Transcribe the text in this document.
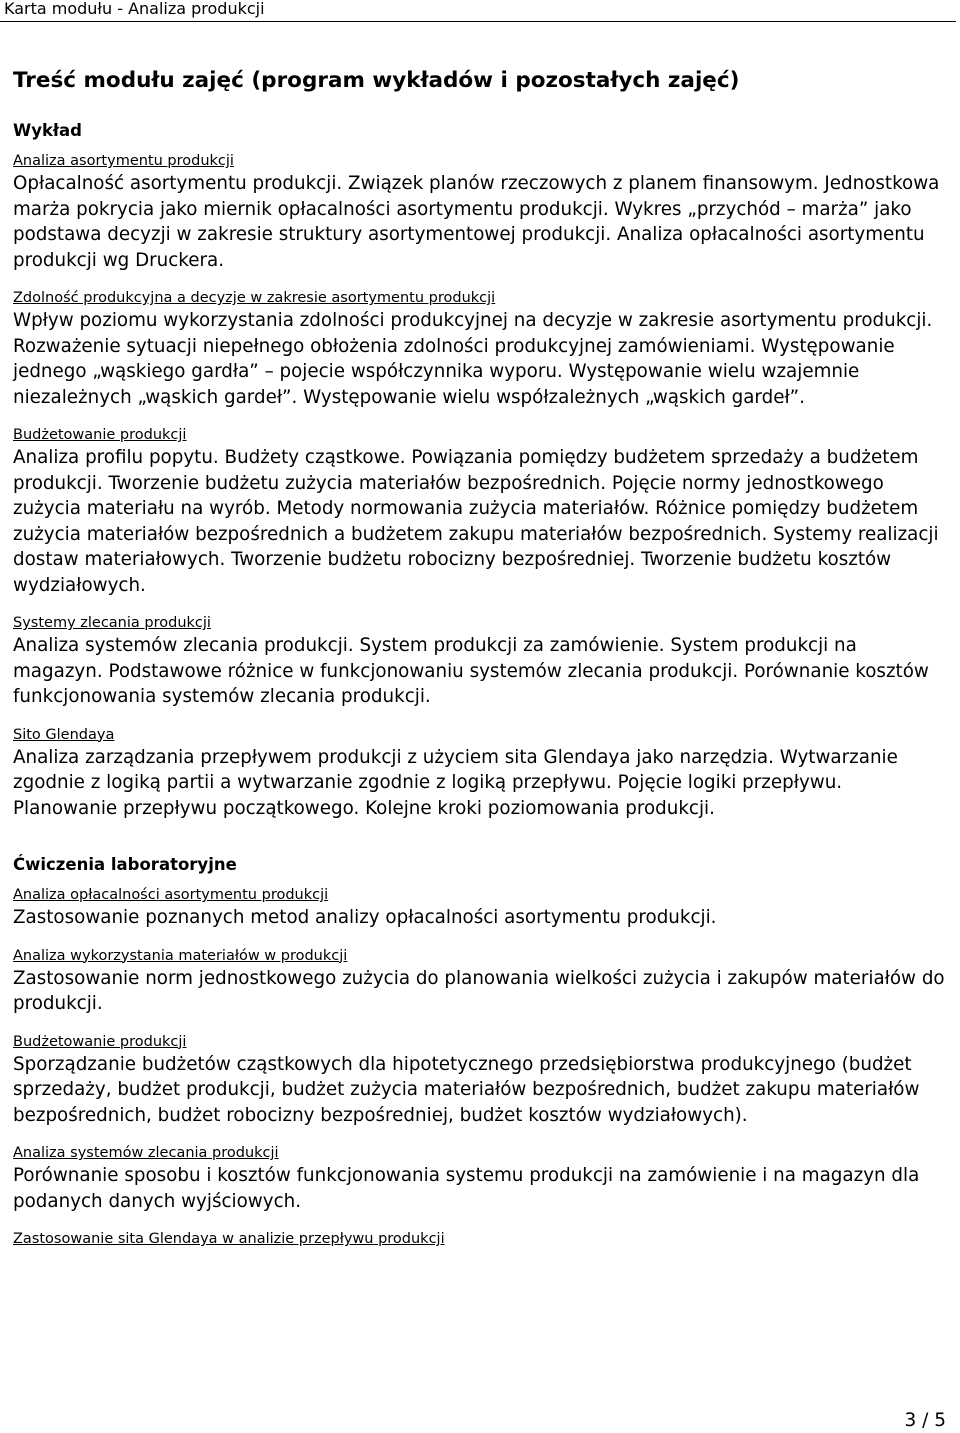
Karta modułu - Analiza produkcji
Treść modułu zajęć (program wykładów i pozostałych zajęć)
Wykład
Analiza asortymentu produkcji

Opłacalność asortymentu produkcji. Związek planów rzeczowych z planem finansowym. Jednostkowa marża pokrycia jako miernik opłacalności asortymentu produkcji. Wykres „przychód – marża” jako podstawa decyzji w zakresie struktury asortymentowej produkcji. Analiza opłacalności asortymentu produkcji wg Druckera.

Zdolność produkcyjna a decyzje w zakresie asortymentu produkcji

Wpływ poziomu wykorzystania zdolności produkcyjnej na decyzje w zakresie asortymentu produkcji. Rozważenie sytuacji niepełnego obłożenia zdolności produkcyjnej zamówieniami. Występowanie jednego „wąskiego gardła” – pojecie współczynnika wyporu. Występowanie wielu wzajemnie niezależnych „wąskich gardeł”. Występowanie wielu współzależnych „wąskich gardeł”.

Budżetowanie produkcji

Analiza profilu popytu. Budżety cząstkowe. Powiązania pomiędzy budżetem sprzedaży a budżetem produkcji. Tworzenie budżetu zużycia materiałów bezpośrednich. Pojęcie normy jednostkowego zużycia materiału na wyrób. Metody normowania zużycia materiałów. Różnice pomiędzy budżetem zużycia materiałów bezpośrednich a budżetem zakupu materiałów bezpośrednich. Systemy realizacji dostaw materiałowych. Tworzenie budżetu robocizny bezpośredniej. Tworzenie budżetu kosztów wydziałowych.

Systemy zlecania produkcji

Analiza systemów zlecania produkcji. System produkcji za zamówienie. System produkcji na magazyn. Podstawowe różnice w funkcjonowaniu systemów zlecania produkcji. Porównanie kosztów funkcjonowania systemów zlecania produkcji.

Sito Glendaya

Analiza zarządzania przepływem produkcji z użyciem sita Glendaya jako narzędzia. Wytwarzanie zgodnie z logiką partii a wytwarzanie zgodnie z logiką przepływu. Pojęcie logiki przepływu. Planowanie przepływu początkowego. Kolejne kroki poziomowania produkcji.

Ćwiczenia laboratoryjne
Analiza opłacalności asortymentu produkcji

Zastosowanie poznanych metod analizy opłacalności asortymentu produkcji.

Analiza wykorzystania materiałów w produkcji

Zastosowanie norm jednostkowego zużycia do planowania wielkości zużycia i zakupów materiałów do produkcji.

Budżetowanie produkcji

Sporządzanie budżetów cząstkowych dla hipotetycznego przedsiębiorstwa produkcyjnego (budżet sprzedaży, budżet produkcji, budżet zużycia materiałów bezpośrednich, budżet zakupu materiałów bezpośrednich, budżet robocizny bezpośredniej, budżet kosztów wydziałowych).

Analiza systemów zlecania produkcji

Porównanie sposobu i kosztów funkcjonowania systemu produkcji na zamówienie i na magazyn dla podanych danych wyjściowych.

Zastosowanie sita Glendaya w analizie przepływu produkcji
3 / 5
